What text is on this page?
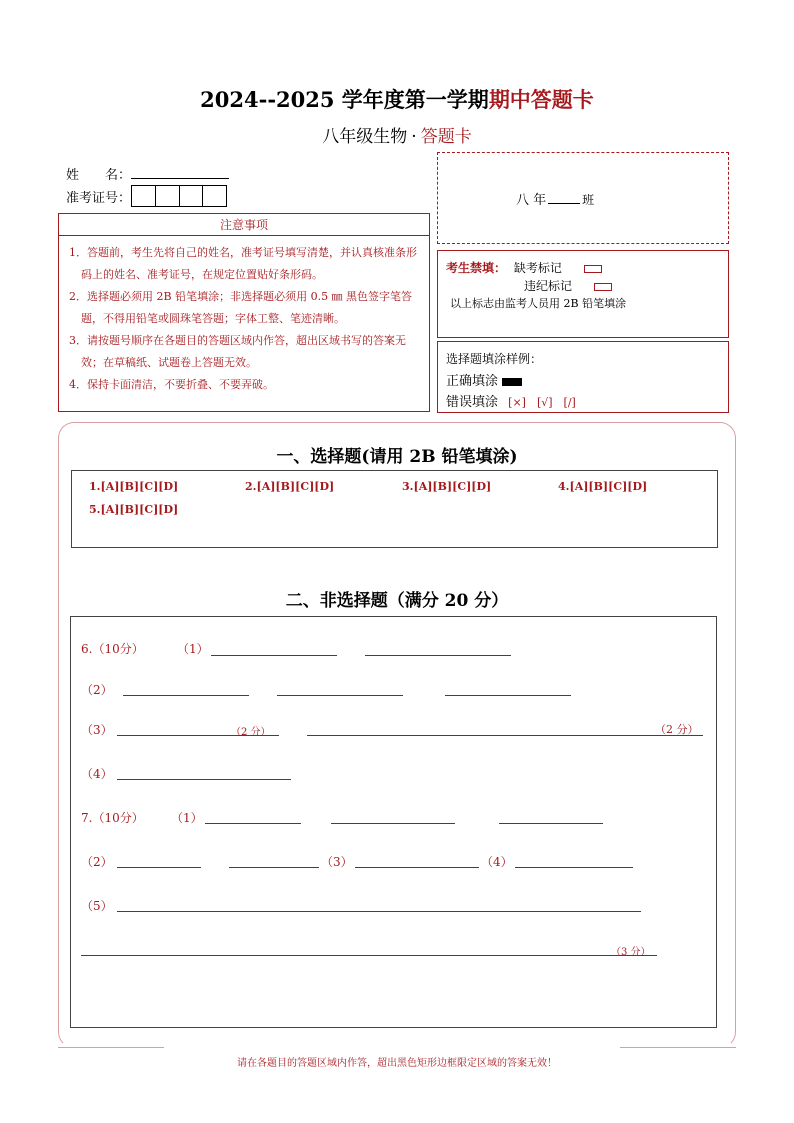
2024--2025 学年度第一学期期中答题卡
八年级生物 · 答题卡
姓　　名：
准考证号：	八 年	班
注意事项

1．答题前，考生先将自己的姓名，准考证号填写清楚，并认真核准条形码上的姓名、准考证号，在规定位置贴好条形码。

2．选择题必须用 2B 铅笔填涂；非选择题必须用 0.5 ㎜ 黑色签字笔答题，不得用铅笔或圆珠笔答题；字体工整、笔迹清晰。

3．请按题号顺序在各题目的答题区域内作答，超出区域书写的答案无效；在草稿纸、试题卷上答题无效。

4．保持卡面清洁，不要折叠、不要弄破。

考生禁填： 缺考标记
违纪标记
以上标志由监考人员用 2B 铅笔填涂
选择题填涂样例：
正确填涂
错误填涂 [×]　[√]　[/]
一、选择题(请用 2B 铅笔填涂)
1.[A][B][C][D]	2.[A][B][C][D]	3.[A][B][C][D]	4.[A][B][C][D]
5.[A][B][C][D]
二、非选择题（满分 20 分）
6.（10分）	（1）
（2）
（3）	（2 分）	（2 分）
（4）
7.（10分） （1）
（2）	（3）	（4）
（5）
（3 分）
请在各题目的答题区域内作答，超出黑色矩形边框限定区域的答案无效！
